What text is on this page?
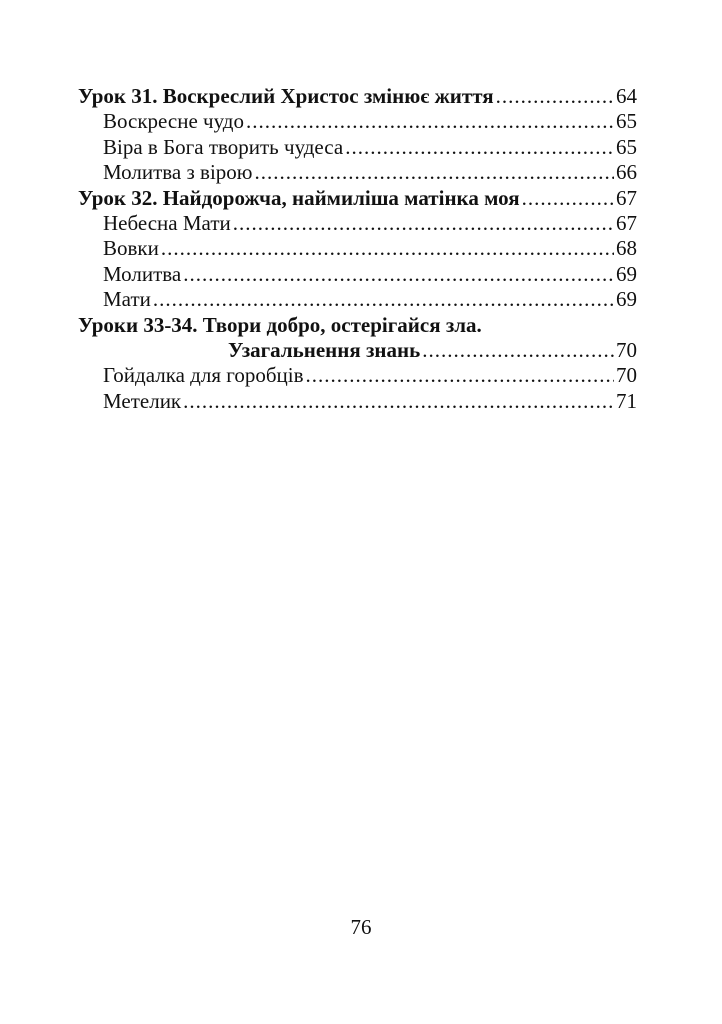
Урок 31. Воскреслий Христос змінює життя .....	64
Воскресне чудо .....	65
Віра в Бога творить чудеса .....	65
Молитва з вірою .....	66
Урок 32. Найдорожча, наймиліша матінка моя .....	67
Небесна Мати .....	67
Вовки .....	68
Молитва .....	69
Мати .....	69
Уроки 33-34. Твори добро, остерігайся зла.
Узагальнення знань .....	70
Гойдалка для горобців .....	70
Метелик .....	71
76
